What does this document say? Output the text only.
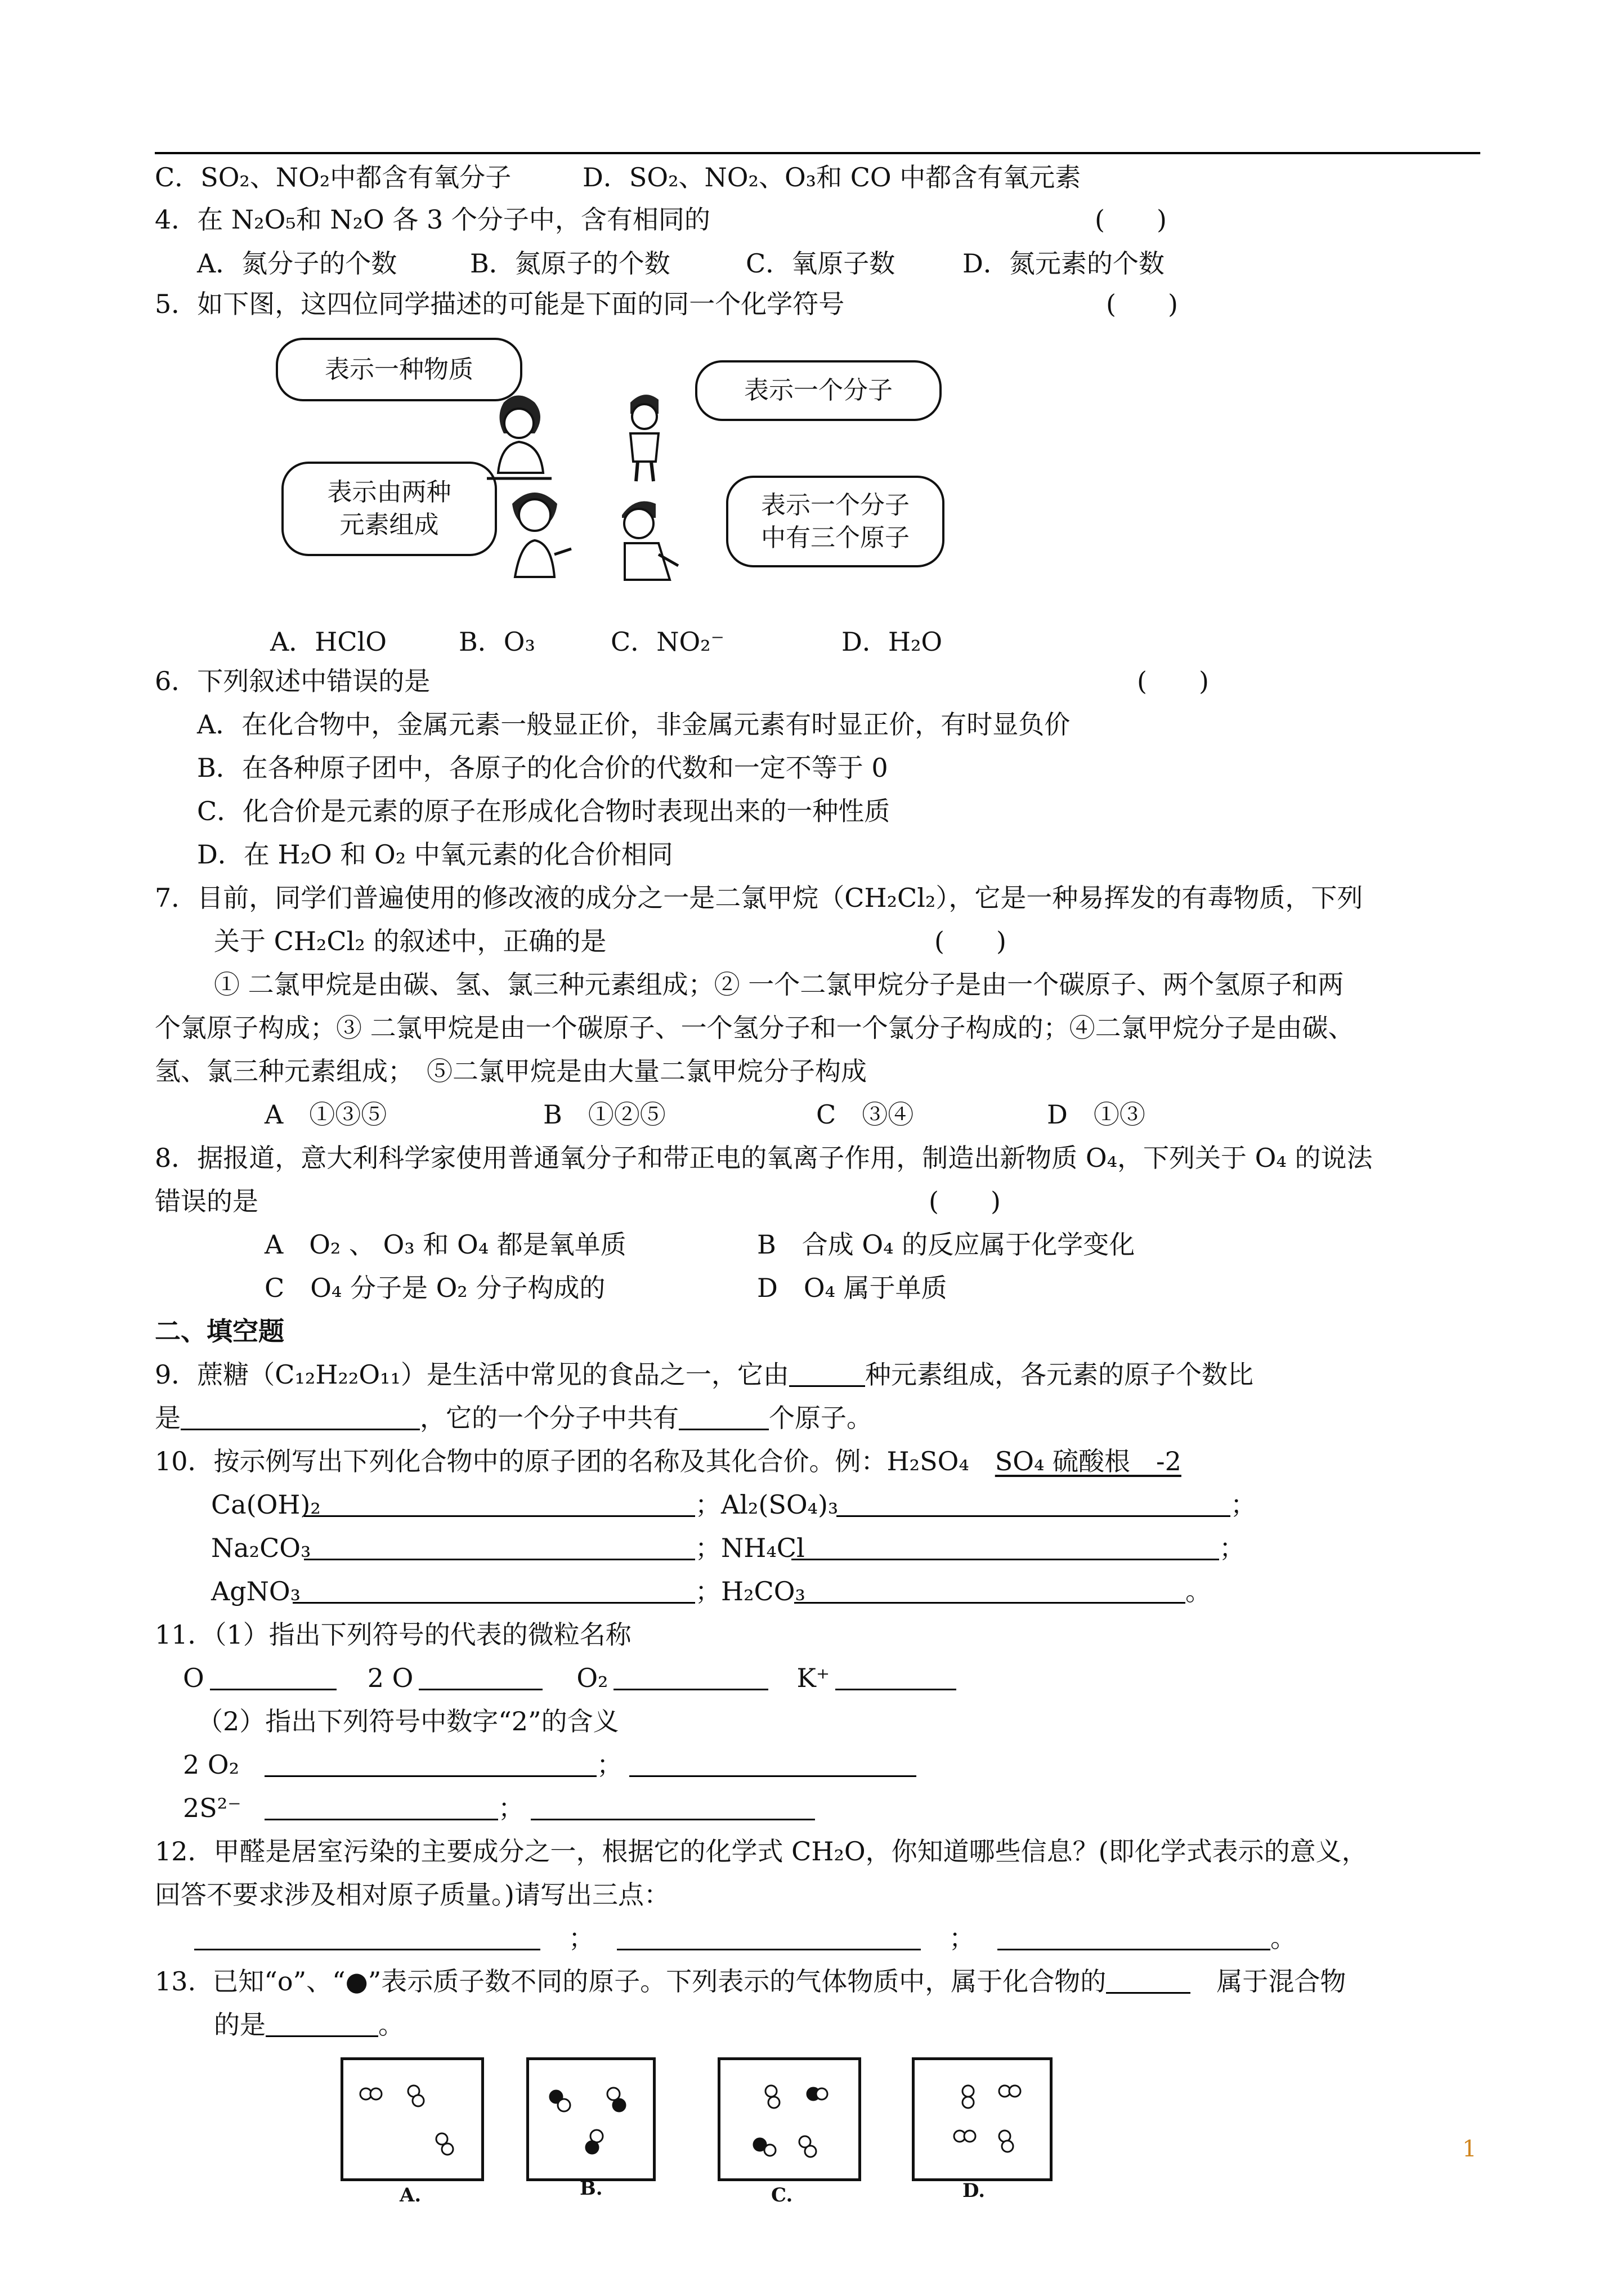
C．SO₂、NO₂中都含有氧分子	D．SO₂、NO₂、O₃和 CO 中都含有氧元素
4．在 N₂O₅和 N₂O 各 3 个分子中，含有相同的	(　　)
A．氮分子的个数	B．氮原子的个数	C．氧原子数	D．氮元素的个数
5．如下图，这四位同学描述的可能是下面的同一个化学符号	(　　)
表示一种物质
表示一个分子
表示由两种
元素组成
表示一个分子
中有三个原子
A．HClO	B．O₃	C．NO₂⁻	D．H₂O
6．下列叙述中错误的是	(　　)
A．在化合物中，金属元素一般显正价，非金属元素有时显正价，有时显负价
B．在各种原子团中，各原子的化合价的代数和一定不等于 0
C．化合价是元素的原子在形成化合物时表现出来的一种性质
D．在 H₂O 和 O₂ 中氧元素的化合价相同
7．目前，同学们普遍使用的修改液的成分之一是二氯甲烷（CH₂Cl₂），它是一种易挥发的有毒物质，下列
关于 CH₂Cl₂ 的叙述中，正确的是	(　　)
① 二氯甲烷是由碳、氢、氯三种元素组成；② 一个二氯甲烷分子是由一个碳原子、两个氢原子和两
个氯原子构成；③ 二氯甲烷是由一个碳原子、一个氢分子和一个氯分子构成的；④二氯甲烷分子是由碳、
氢、氯三种元素组成；　⑤二氯甲烷是由大量二氯甲烷分子构成
A　①③⑤	B　①②⑤	C　③④	D　①③
8．据报道，意大利科学家使用普通氧分子和带正电的氧离子作用，制造出新物质 O₄，下列关于 O₄ 的说法
错误的是	(　　)
A　O₂ 、 O₃ 和 O₄ 都是氧单质	B　合成 O₄ 的反应属于化学变化
C　O₄ 分子是 O₂ 分子构成的	D　O₄ 属于单质
二、填空题
9．蔗糖（C₁₂H₂₂O₁₁）是生活中常见的食品之一，它由	种元素组成，各元素的原子个数比
是	，它的一个分子中共有	个原子。
10．按示例写出下列化合物中的原子团的名称及其化合价。例：H₂SO₄　 SO₄ 硫酸根　-2
Ca(OH)₂	；Al₂(SO₄)₃	；
Na₂CO₃	；NH₄Cl	；
AgNO₃	；H₂CO₃	。
11．（1）指出下列符号的代表的微粒名称
O	2 O	O₂	K⁺
（2）指出下列符号中数字“2”的含义
2 O₂	；
2S²⁻	；
12．甲醛是居室污染的主要成分之一，根据它的化学式 CH₂O，你知道哪些信息？(即化学式表示的意义，
回答不要求涉及相对原子质量。)请写出三点：
；	；	。
13.  已知“o”、“●”表示质子数不同的原子。下列表示的气体物质中，属于化合物的　	属于混合物
的是	。
A.	B.	C.	D.
1
